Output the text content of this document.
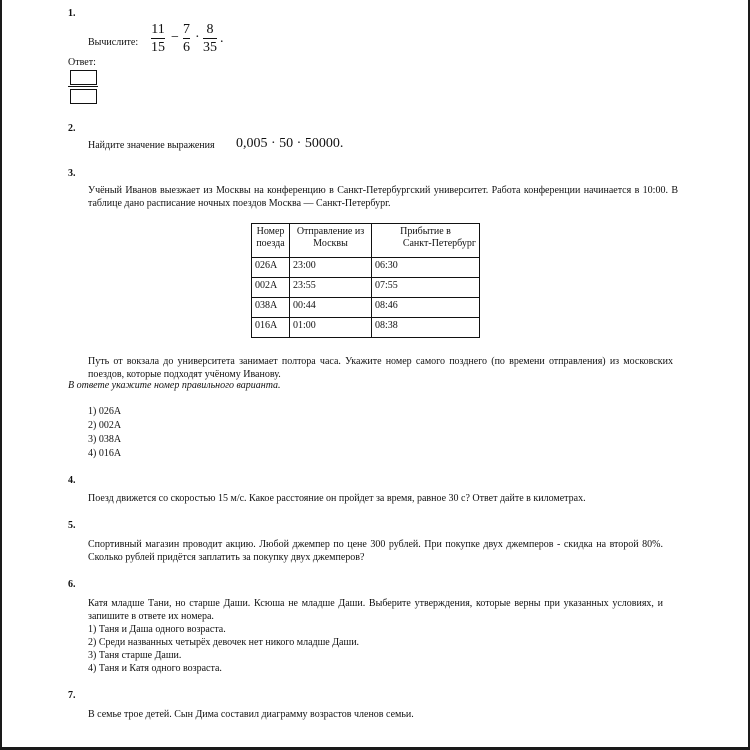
1.
Вычислите:
11
15
−
7
6
·
8
35
.
Ответ:
2.
Найдите значение выражения 0,005 · 50 · 50000.
3.
Учёный Иванов выезжает из Москвы на конференцию в Санкт-Петербургский университет. Работа конференции начинается в 10:00. В таблице дано расписание ночных поездов Москва — Санкт-Петербург.
Номер поезда	Отправление из Москвы	Прибытие в
Санкт-Петербург

026А	23:00	06:30
002А	23:55	07:55
038А	00:44	08:46
016А	01:00	08:38
Путь от вокзала до университета занимает полтора часа. Укажите номер самого позднего (по времени отправления) из московских поездов, которые подходят учёному Иванову.
В ответе укажите номер правильного варианта.
1) 026А
2) 002А
3) 038А
4) 016А
4.
Поезд движется со скоростью 15 м/с. Какое расстояние он пройдет за время, равное 30 с? Ответ дайте в километрах.
5.
Спортивный магазин проводит акцию. Любой джемпер по цене 300 рублей. При покупке двух джемперов - скидка на второй 80%. Сколько рублей придётся заплатить за покупку двух джемперов?
6.
Катя младше Тани, но старше Даши. Ксюша не младше Даши. Выберите утверждения, которые верны при указанных условиях, и запишите в ответе их номера.
1) Таня и Даша одного возраста.
2) Среди названных четырёх девочек нет никого младше Даши.
3) Таня старше Даши.
4) Таня и Катя одного возраста.
7.
В семье трое детей. Сын Дима составил диаграмму возрастов членов семьи.
